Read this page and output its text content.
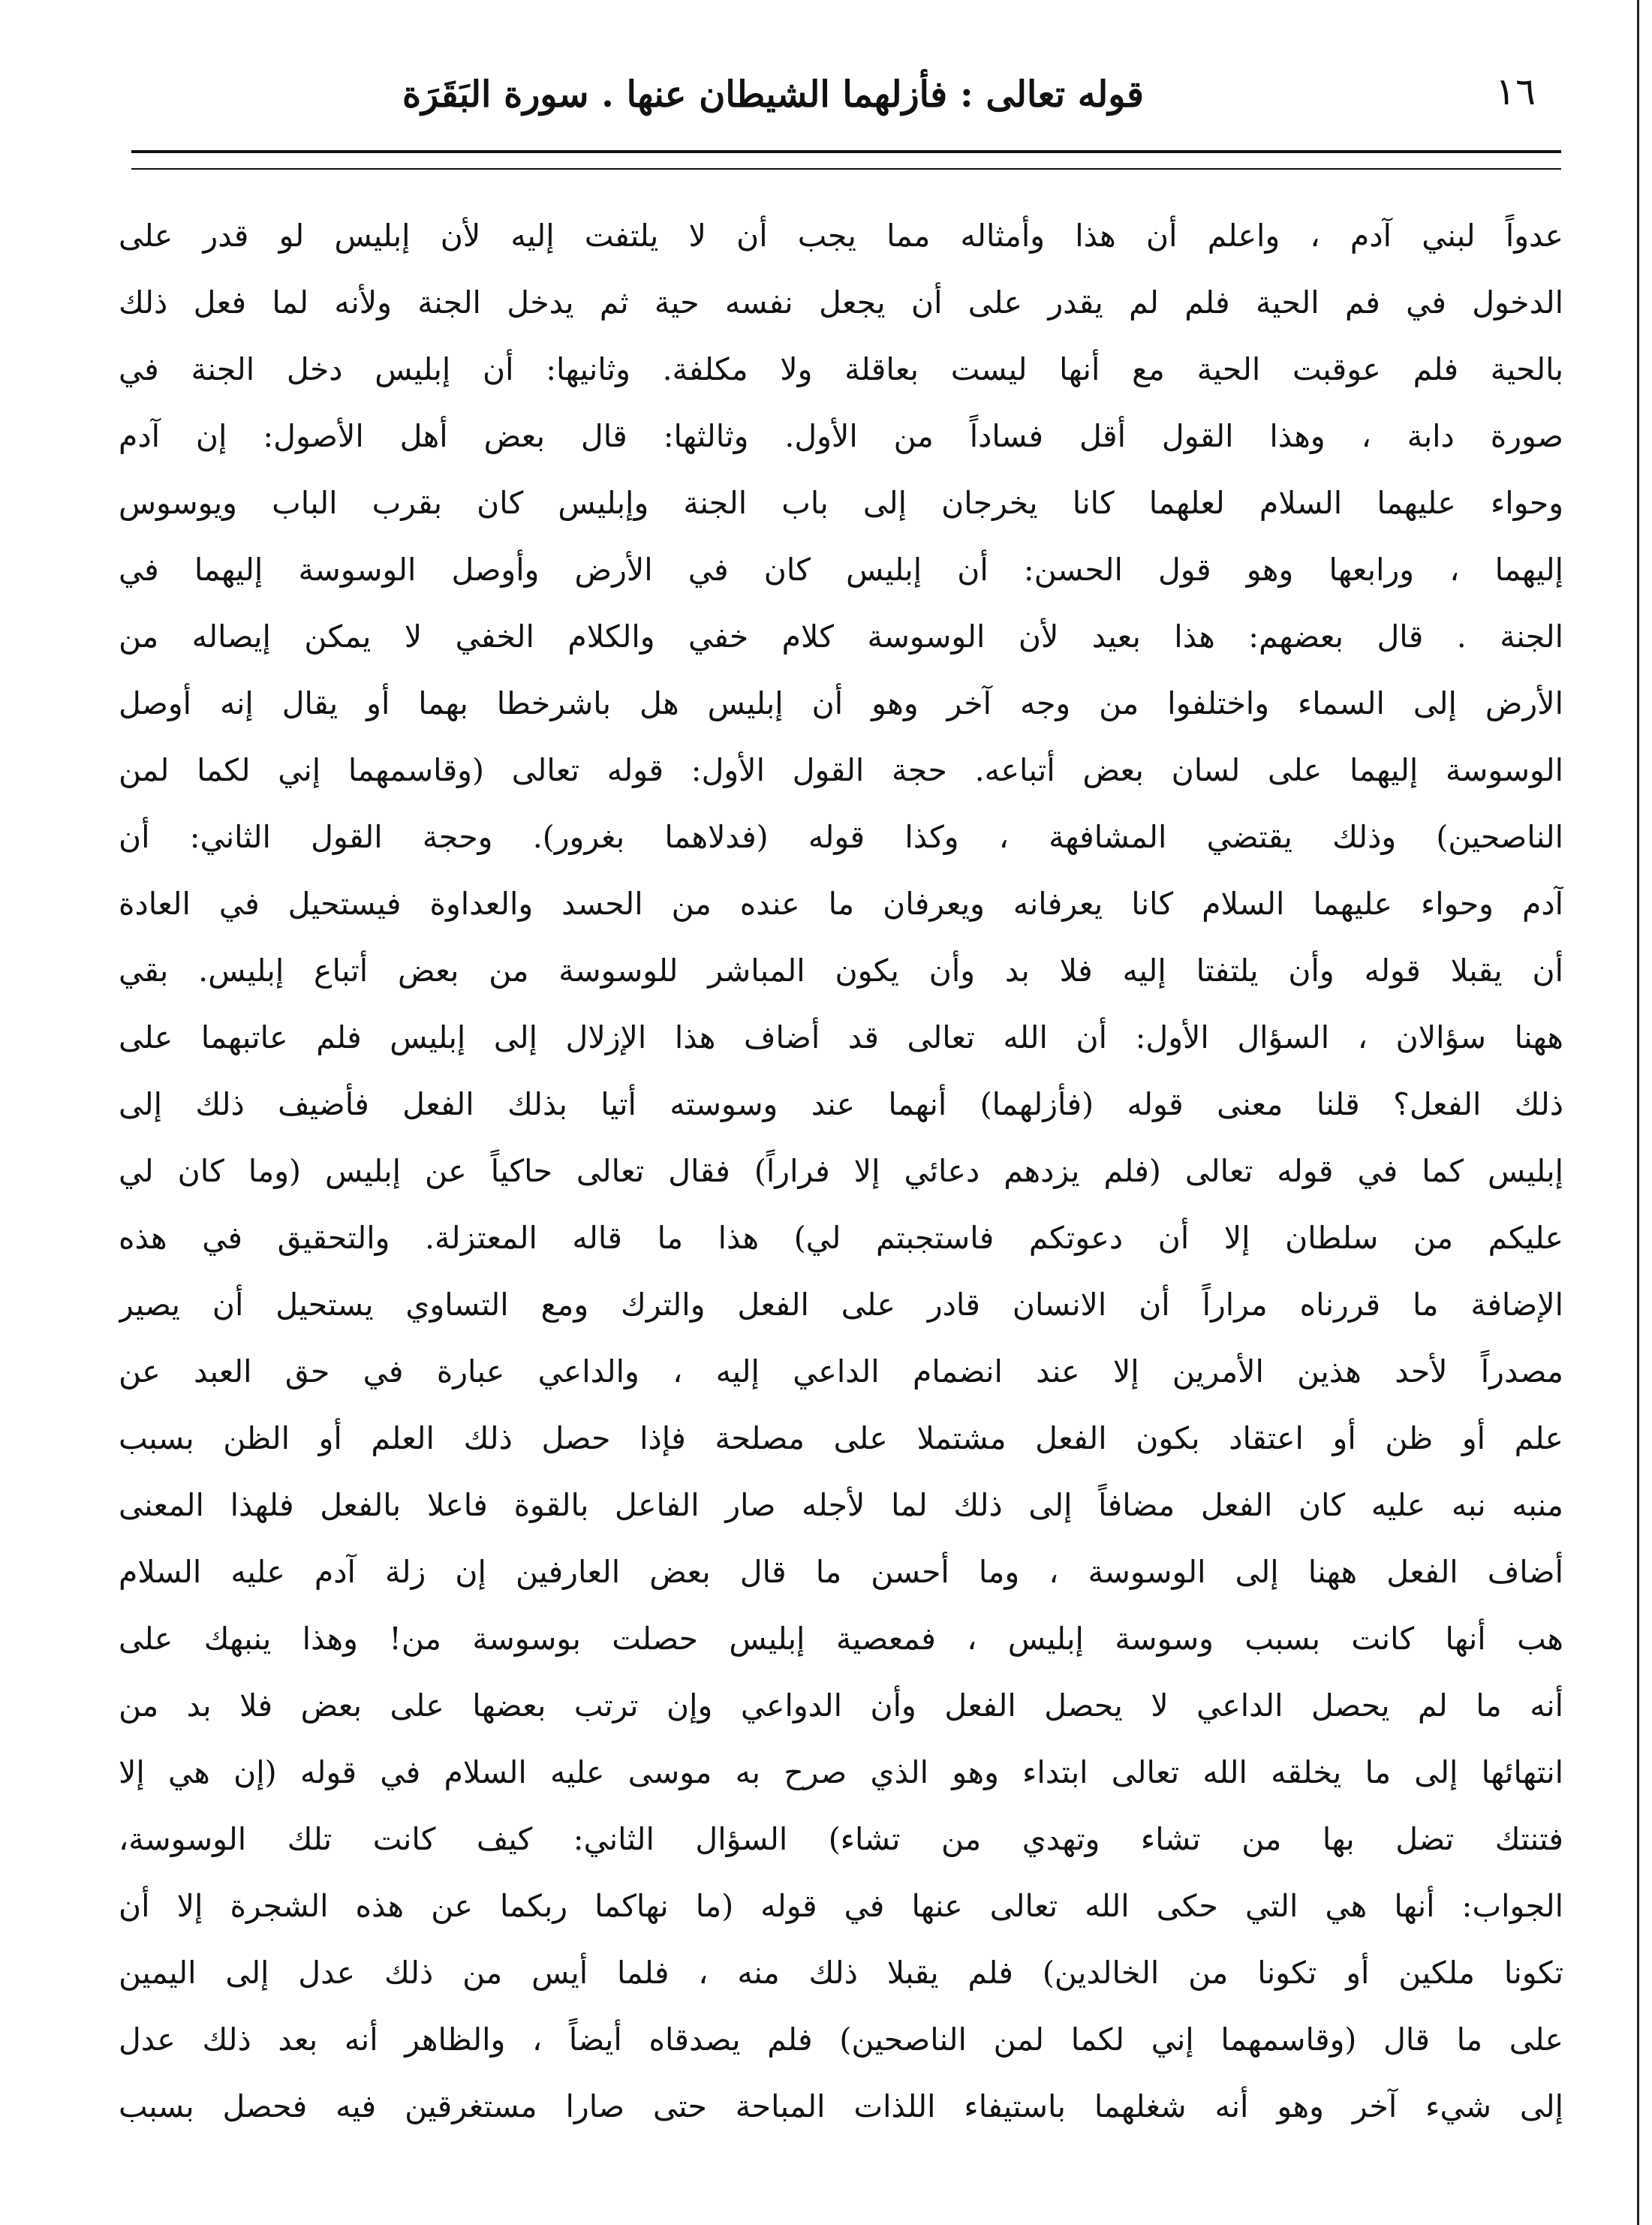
١٦
قوله تعالى : فأزلهما الشيطان عنها . سورة البَقَرَة
عدواً لبني آدم ، واعلم أن هذا وأمثاله مما يجب أن لا يلتفت إليه لأن إبليس لو قدر على
الدخول في فم الحية فلم لم يقدر على أن يجعل نفسه حية ثم يدخل الجنة ولأنه لما فعل ذلك
بالحية فلم عوقبت الحية مع أنها ليست بعاقلة ولا مكلفة. وثانيها: أن إبليس دخل الجنة في
صورة دابة ، وهذا القول أقل فساداً من الأول. وثالثها: قال بعض أهل الأصول: إن آدم
وحواء عليهما السلام لعلهما كانا يخرجان إلى باب الجنة وإبليس كان بقرب الباب ويوسوس
إليهما ، ورابعها وهو قول الحسن: أن إبليس كان في الأرض وأوصل الوسوسة إليهما في
الجنة . قال بعضهم: هذا بعيد لأن الوسوسة كلام خفي والكلام الخفي لا يمكن إيصاله من
الأرض إلى السماء واختلفوا من وجه آخر وهو أن إبليس هل باشرخطا بهما أو يقال إنه أوصل
الوسوسة إليهما على لسان بعض أتباعه. حجة القول الأول: قوله تعالى (وقاسمهما إني لكما لمن
الناصحين) وذلك يقتضي المشافهة ، وكذا قوله (فدلاهما بغرور). وحجة القول الثاني: أن
آدم وحواء عليهما السلام كانا يعرفانه ويعرفان ما عنده من الحسد والعداوة فيستحيل في العادة
أن يقبلا قوله وأن يلتفتا إليه فلا بد وأن يكون المباشر للوسوسة من بعض أتباع إبليس. بقي
ههنا سؤالان ، السؤال الأول: أن الله تعالى قد أضاف هذا الإزلال إلى إبليس فلم عاتبهما على
ذلك الفعل؟ قلنا معنى قوله (فأزلهما) أنهما عند وسوسته أتيا بذلك الفعل فأضيف ذلك إلى
إبليس كما في قوله تعالى (فلم يزدهم دعائي إلا فراراً) فقال تعالى حاكياً عن إبليس (وما كان لي
عليكم من سلطان إلا أن دعوتكم فاستجبتم لي) هذا ما قاله المعتزلة. والتحقيق في هذه
الإضافة ما قررناه مراراً أن الانسان قادر على الفعل والترك ومع التساوي يستحيل أن يصير
مصدراً لأحد هذين الأمرين إلا عند انضمام الداعي إليه ، والداعي عبارة في حق العبد عن
علم أو ظن أو اعتقاد بكون الفعل مشتملا على مصلحة فإذا حصل ذلك العلم أو الظن بسبب
منبه نبه عليه كان الفعل مضافاً إلى ذلك لما لأجله صار الفاعل بالقوة فاعلا بالفعل فلهذا المعنى
أضاف الفعل ههنا إلى الوسوسة ، وما أحسن ما قال بعض العارفين إن زلة آدم عليه السلام
هب أنها كانت بسبب وسوسة إبليس ، فمعصية إبليس حصلت بوسوسة من! وهذا ينبهك على
أنه ما لم يحصل الداعي لا يحصل الفعل وأن الدواعي وإن ترتب بعضها على بعض فلا بد من
انتهائها إلى ما يخلقه الله تعالى ابتداء وهو الذي صرح به موسى عليه السلام في قوله (إن هي إلا
فتنتك تضل بها من تشاء وتهدي من تشاء) السؤال الثاني: كيف كانت تلك الوسوسة،
الجواب: أنها هي التي حكى الله تعالى عنها في قوله (ما نهاكما ربكما عن هذه الشجرة إلا أن
تكونا ملكين أو تكونا من الخالدين) فلم يقبلا ذلك منه ، فلما أيس من ذلك عدل إلى اليمين
على ما قال (وقاسمهما إني لكما لمن الناصحين) فلم يصدقاه أيضاً ، والظاهر أنه بعد ذلك عدل
إلى شيء آخر وهو أنه شغلهما باستيفاء اللذات المباحة حتى صارا مستغرقين فيه فحصل بسبب
